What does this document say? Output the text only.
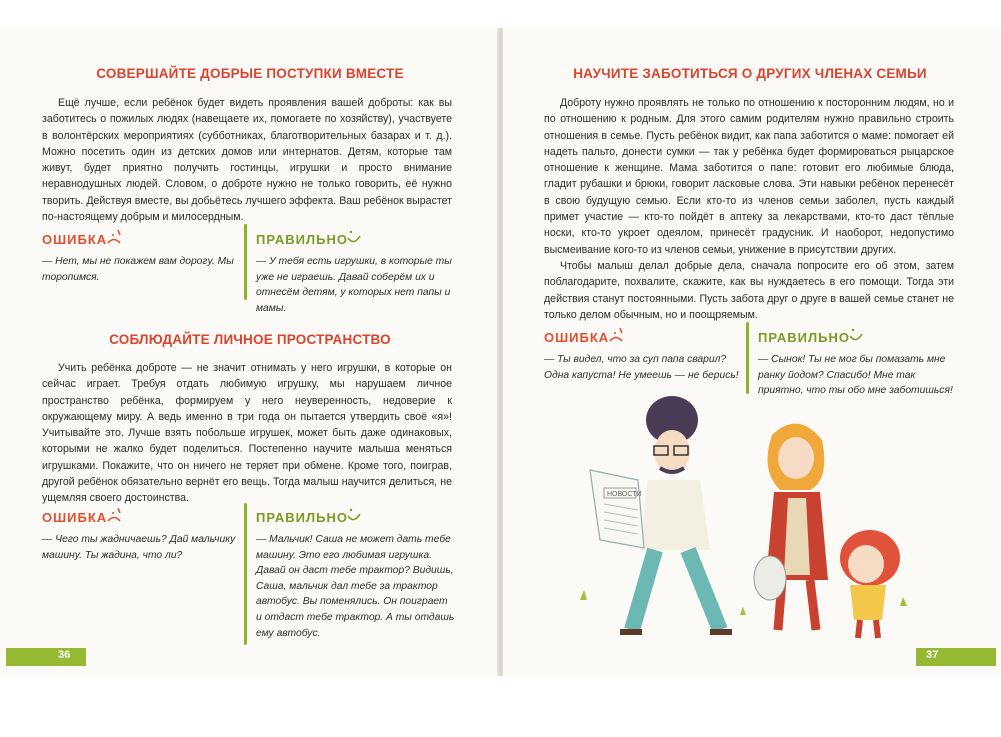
СОВЕРШАЙТЕ ДОБРЫЕ ПОСТУПКИ ВМЕСТЕ

Ещё лучше, если ребёнок будет видеть проявления вашей доброты: как вы заботитесь о пожилых людях (навещаете их, помогаете по хозяйству), участвуете в волонтёрских мероприятиях (субботниках, благотворительных базарах и т. д.). Можно посетить один из детских домов или интернатов. Детям, которые там живут, будет приятно получить гостинцы, игрушки и просто внимание неравнодушных людей. Словом, о доброте нужно не только говорить, её нужно творить. Действуя вместе, вы добьётесь лучшего эффекта. Ваш ребёнок вырастет по-настоящему добрым и милосердным.

ОШИБКА

— Нет, мы не покажем вам дорогу. Мы торопимся.

ПРАВИЛЬНО

— У тебя есть игрушки, в которые ты уже не играешь. Давай соберём их и отнесём детям, у которых нет папы и мамы.

СОБЛЮДАЙТЕ ЛИЧНОЕ ПРОСТРАНСТВО

Учить ребёнка доброте — не значит отнимать у него игрушки, в которые он сейчас играет. Требуя отдать любимую игрушку, мы нарушаем личное пространство ребёнка, формируем у него неуверенность, недоверие к окружающему миру. А ведь именно в три года он пытается утвердить своё «я»! Учитывайте это. Лучше взять побольше игрушек, может быть даже одинаковых, которыми не жалко будет поделиться. Постепенно научите малыша меняться игрушками. Покажите, что он ничего не теряет при обмене. Кроме того, поиграв, другой ребёнок обязательно вернёт его вещь. Тогда малыш научится делиться, не ущемляя своего достоинства.

ОШИБКА

— Чего ты жадничаешь? Дай мальчику машину. Ты жадина, что ли?

ПРАВИЛЬНО

— Мальчик! Саша не может дать тебе машину. Это его любимая игрушка. Давай он даст тебе трактор? Видишь, Саша, мальчик дал тебе за трактор автобус. Вы поменялись. Он поиграет и отдаст тебе трактор. А ты отдашь ему автобус.

36
НАУЧИТЕ ЗАБОТИТЬСЯ О ДРУГИХ ЧЛЕНАХ СЕМЬИ

Доброту нужно проявлять не только по отношению к посторонним людям, но и по отношению к родным. Для этого самим родителям нужно правильно строить отношения в семье. Пусть ребёнок видит, как папа заботится о маме: помогает ей надеть пальто, донести сумки — так у ребёнка будет формироваться рыцарское отношение к женщине. Мама заботится о папе: готовит его любимые блюда, гладит рубашки и брюки, говорит ласковые слова. Эти навыки ребёнок перенесёт в свою будущую семью. Если кто-то из членов семьи заболел, пусть каждый примет участие — кто-то пойдёт в аптеку за лекарствами, кто-то даст тёплые носки, кто-то укроет одеялом, принесёт градусник. И наоборот, недопустимо высмеивание кого-то из членов семьи, унижение в присутствии других.

Чтобы малыш делал добрые дела, сначала попросите его об этом, затем поблагодарите, похвалите, скажите, как вы нуждаетесь в его помощи. Тогда эти действия станут постоянными. Пусть забота друг о друге в вашей семье станет не только делом обычным, но и поощряемым.

ОШИБКА

— Ты видел, что за суп папа сварил? Одна капуста! Не умеешь — не берись!

ПРАВИЛЬНО

— Сынок! Ты не мог бы помазать мне ранку йодом? Спасибо! Мне так приятно, что ты обо мне заботишься!

НОВОСТИ
37
